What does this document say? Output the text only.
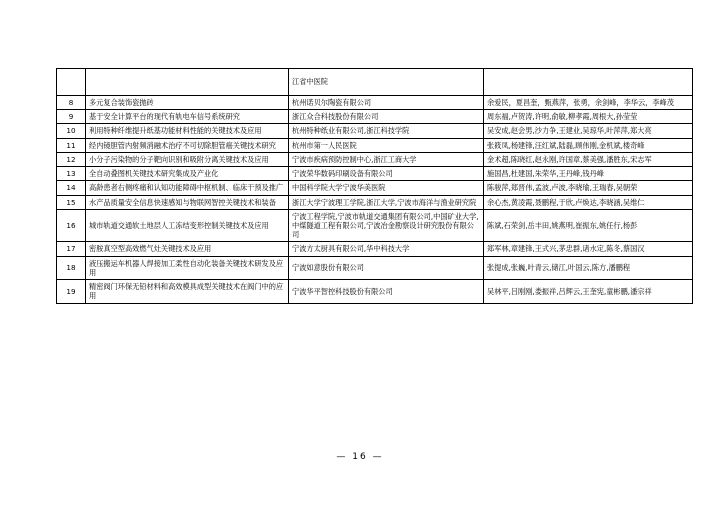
		江省中医院	
8	多元复合装饰瓷抛砖	杭州诺贝尔陶瓷有限公司	余爱民，夏昌奎，甄燕萍，张勇，余剑峰，李华云，李峰茂
9	基于安全计算平台的现代有轨电车信号系统研究	浙江众合科技股份有限公司	周东福,卢贺涛,许明,俞敏,柳孝霞,周根大,孙莹莹
10	利用特种纤维提升纸基功能材料性能的关键技术及应用	杭州特种纸业有限公司,浙江科技学院	吴安成,赵会男,沙力争,王建业,吴琼华,叶萍萍,郑大亮
11	经内镜胆管内射频消融术治疗不可切除胆管癌关键技术研究	杭州市第一人民医院	张筱凤,杨建锋,汪红斌,陆磊,顾伟刚,金机斌,楼奇峰
12	小分子污染物的分子靶向识别和吸附分离关键技术及应用	宁波市疾病预防控制中心,浙江工商大学	金术超,陈晓红,赵永刚,许国章,蔡美强,潘胜东,宋志军
13	全自动叠图机关键技术研究集成及产业化	宁波荣华数码印刷设备有限公司	施国昌,杜建国,朱荣华,王丹峰,钱丹峰
14	高龄患者右侧疼痛和认知功能障碍中枢机制、临床干预及推广	中国科学院大学宁波华美医院	陈骏萍,郑晋伟,孟波,卢波,李晓瑜,王瑞春,吴朝荣
15	水产品质量安全信息快速感知与物联网智控关键技术和装备	浙江大学宁波理工学院,浙江大学,宁波市海洋与渔业研究院	余心杰,黄凌霞,聂鹏程,于欣,卢焕达,李晓涵,吴维仁
16	城市轨道交通软土地层人工冻结变形控制关键技术及应用	宁波工程学院,宁波市轨道交通集团有限公司,中国矿业大学,中煤隧道工程有限公司,宁波冶金勘察设计研究股份有限公司	陈斌,石荣剑,岳丰田,姚燕明,崔振东,姚任行,杨彭
17	密胺真空型高效燃气灶关键技术及应用	宁波方太厨具有限公司,华中科技大学	郑军林,章建锋,王式兴,茅忠群,诸水定,陈冬,蔡国汉
18	液压搬运车机器人焊接加工柔性自动化装备关键技术研发及应用	宁波如意股份有限公司	张提成,张巍,叶青云,储江,叶国云,陈方,潘鹏程
19	精密阀门环保无铅材料和高效模具成型关键技术在阀门中的应用	宁波华平智控科技股份有限公司	吴林平,吕刚刚,娄振祥,吕辉云,王奎宪,童彬鹏,潘宗祥
— 16 —
